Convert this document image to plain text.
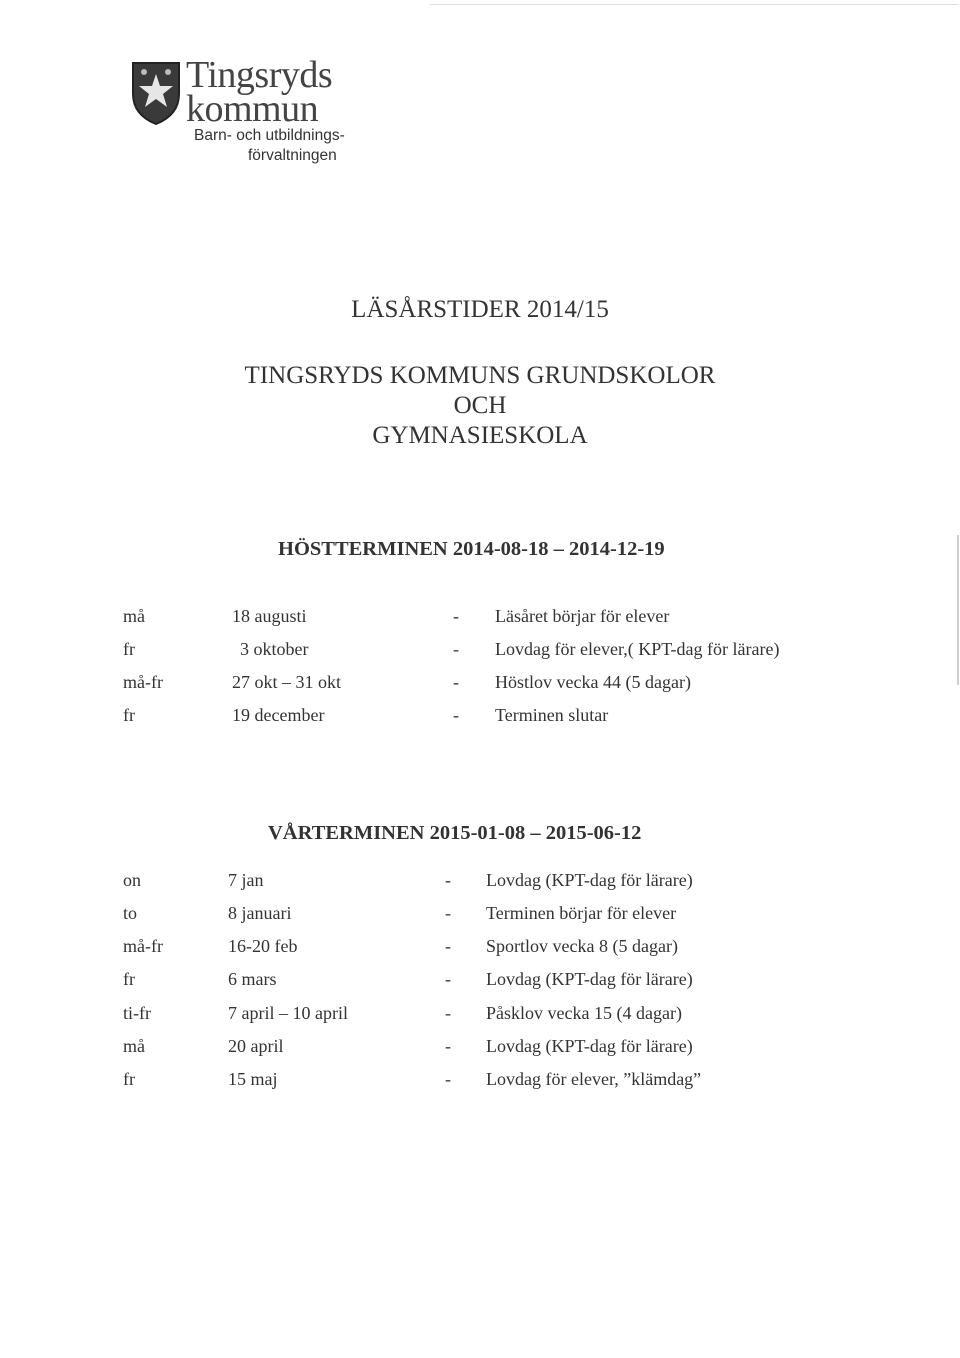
Tingsryds
kommun
Barn- och utbildnings-
förvaltningen
LÄSÅRSTIDER 2014/15
TINGSRYDS KOMMUNS GRUNDSKOLOR
OCH
GYMNASIESKOLA
HÖSTTERMINEN 2014-08-18 – 2014-12-19
må	18 augusti	- Läsåret börjar för elever
fr	3 oktober	- Lovdag för elever,( KPT-dag för lärare)
må-fr	27 okt – 31 okt	- Höstlov vecka 44 (5 dagar)
fr	19 december	- Terminen slutar
VÅRTERMINEN 2015-01-08 – 2015-06-12
on	7 jan	- Lovdag (KPT-dag för lärare)
to	8 januari	- Terminen börjar för elever
må-fr	16-20 feb	- Sportlov vecka 8 (5 dagar)
fr	6 mars	- Lovdag (KPT-dag för lärare)
ti-fr	7 april – 10 april	- Påsklov vecka 15 (4 dagar)
må	20 april	- Lovdag (KPT-dag för lärare)
fr	15 maj	- Lovdag för elever, ”klämdag”
